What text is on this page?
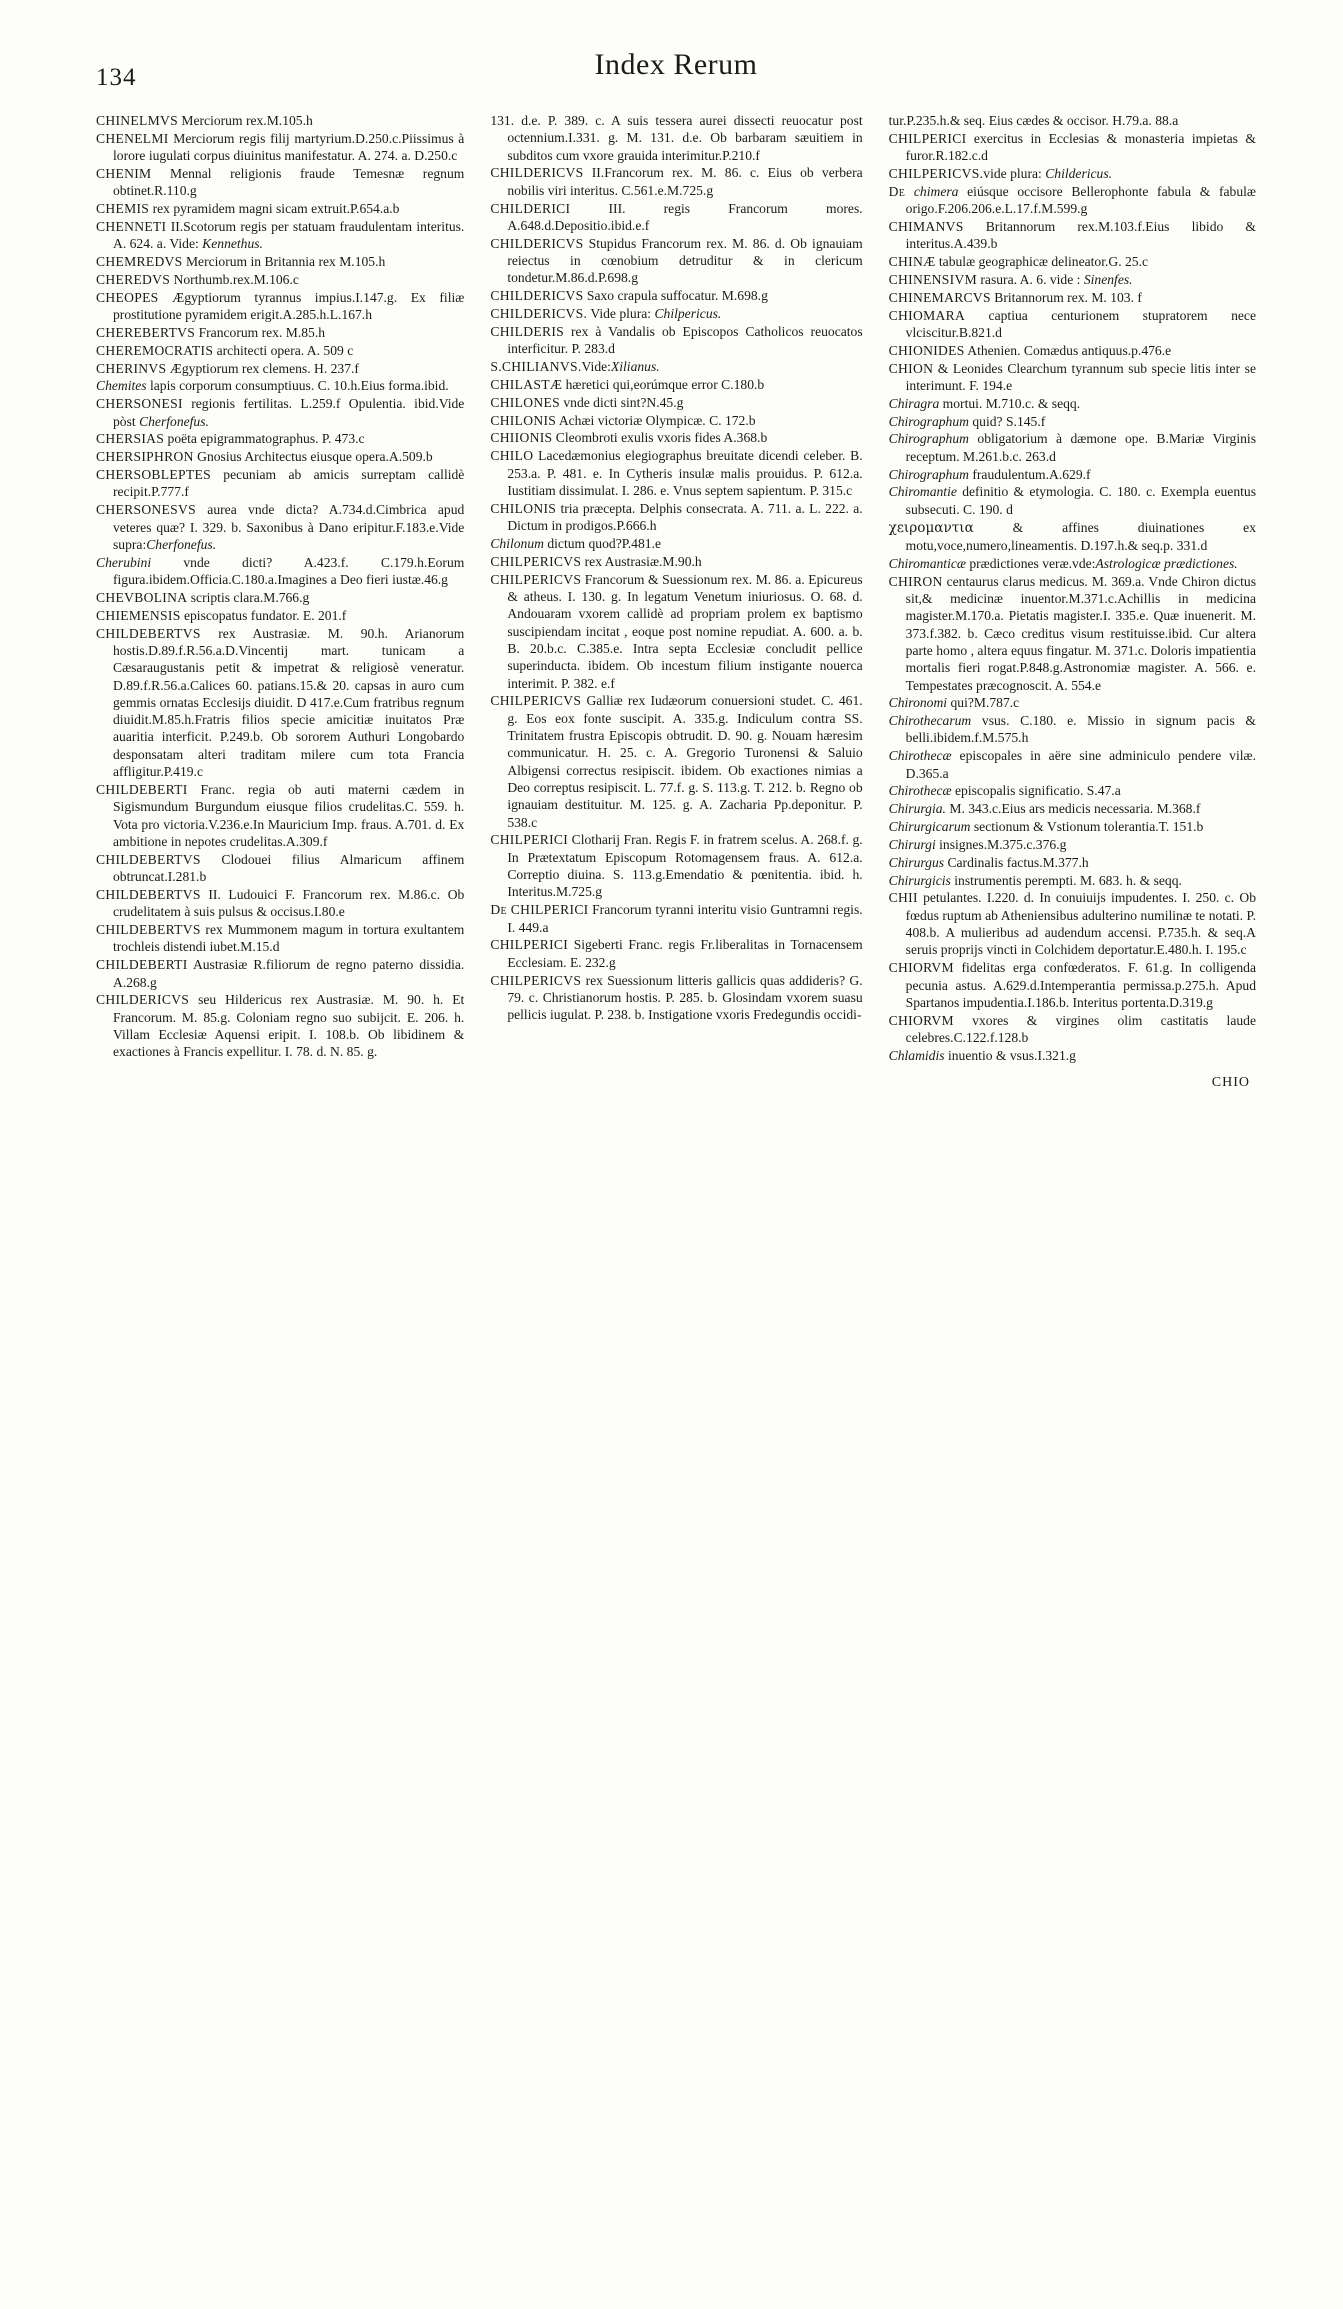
134	Index Rerum

CHINELMVS Merciorum rex.M.105.h

CHENELMI Merciorum regis filij martyrium.D.250.c.Piissimus à lorore iugulati corpus diuinitus manifestatur. A. 274. a. D.250.c

CHENIM Mennal religionis fraude Temesnæ regnum obtinet.R.110.g

CHEMIS rex pyramidem magni sicam extruit.P.654.a.b

CHENNETI II.Scotorum regis per statuam fraudulentam interitus. A. 624. a. Vide: Kennethus.

CHEMREDVS Merciorum in Britannia rex M.105.h

CHEREDVS Northumb.rex.M.106.c

CHEOPES Ægyptiorum tyrannus impius.I.147.g. Ex filiæ prostitutione pyramidem erigit.A.285.h.L.167.h

CHEREBERTVS Francorum rex. M.85.h

CHEREMOCRATIS architecti opera. A. 509 c

CHERINVS Ægyptiorum rex clemens. H. 237.f

Chemites lapis corporum consumptiuus. C. 10.h.Eius forma.ibid.

CHERSONESI regionis fertilitas. L.259.f Opulentia. ibid.Vide pòst Cherfonefus.

CHERSIAS poëta epigrammatographus. P. 473.c

CHERSIPHRON Gnosius Architectus eiusque opera.A.509.b

CHERSOBLEPTES pecuniam ab amicis surreptam callidè recipit.P.777.f

CHERSONESVS aurea vnde dicta? A.734.d.Cimbrica apud veteres quæ? I. 329. b. Saxonibus à Dano eripitur.F.183.e.Vide supra:Cherfonefus.

Cherubini vnde dicti? A.423.f. C.179.h.Eorum figura.ibidem.Officia.C.180.a.Imagines a Deo fieri iustæ.46.g

CHEVBOLINA scriptis clara.M.766.g

CHIEMENSIS episcopatus fundator. E. 201.f

CHILDEBERTVS rex Austrasiæ. M. 90.h. Arianorum hostis.D.89.f.R.56.a.D.Vincentij mart. tunicam a Cæsaraugustanis petit & impetrat & religiosè veneratur. D.89.f.R.56.a.Calices 60. patians.15.& 20. capsas in auro cum gemmis ornatas Ecclesijs diuidit. D 417.e.Cum fratribus regnum diuidit.M.85.h.Fratris filios specie amicitiæ inuitatos Præ auaritia interficit. P.249.b. Ob sororem Authuri Longobardo desponsatam alteri traditam milere cum tota Francia affligitur.P.419.c

CHILDEBERTI Franc. regia ob auti materni cædem in Sigismundum Burgundum eiusque filios crudelitas.C. 559. h. Vota pro victoria.V.236.e.In Mauricium Imp. fraus. A.701. d. Ex ambitione in nepotes crudelitas.A.309.f

CHILDEBERTVS Clodouei filius Almaricum affinem obtruncat.I.281.b

CHILDEBERTVS II. Ludouici F. Francorum rex. M.86.c. Ob crudelitatem à suis pulsus & occisus.I.80.e

CHILDEBERTVS rex Mummonem magum in tortura exultantem trochleis distendi iubet.M.15.d

CHILDEBERTI Austrasiæ R.filiorum de regno paterno dissidia. A.268.g

CHILDERICVS seu Hildericus rex Austrasiæ. M. 90. h. Et Francorum. M. 85.g. Coloniam regno suo subijcit. E. 206. h. Villam Ecclesiæ Aquensi eripit. I. 108.b. Ob libidinem & exactiones à Francis expellitur. I. 78. d. N. 85. g.

131. d.e. P. 389. c. A suis tessera aurei dissecti reuocatur post octennium.I.331. g. M. 131. d.e. Ob barbaram sæuitiem in subditos cum vxore grauida interimitur.P.210.f

CHILDERICVS II.Francorum rex. M. 86. c. Eius ob verbera nobilis viri interitus. C.561.e.M.725.g

CHILDERICI III. regis Francorum mores. A.648.d.Depositio.ibid.e.f

CHILDERICVS Stupidus Francorum rex. M. 86. d. Ob ignauiam reiectus in cœnobium detruditur & in clericum tondetur.M.86.d.P.698.g

CHILDERICVS Saxo crapula suffocatur. M.698.g

CHILDERICVS. Vide plura: Chilpericus.

CHILDERIS rex à Vandalis ob Episcopos Catholicos reuocatos interficitur. P. 283.d

S.CHILIANVS.Vide:Xilianus.

CHILASTÆ hæretici qui,eorúmque error C.180.b

CHILONES vnde dicti sint?N.45.g

CHILONIS Achæi victoriæ Olympicæ. C. 172.b

CHIIONIS Cleombroti exulis vxoris fides A.368.b

CHILO Lacedæmonius elegiographus breuitate dicendi celeber. B. 253.a. P. 481. e. In Cytheris insulæ malis prouidus. P. 612.a. Iustitiam dissimulat. I. 286. e. Vnus septem sapientum. P. 315.c

CHILONIS tria præcepta. Delphis consecrata. A. 711. a. L. 222. a. Dictum in prodigos.P.666.h

Chilonum dictum quod?P.481.e

CHILPERICVS rex Austrasiæ.M.90.h

CHILPERICVS Francorum & Suessionum rex. M. 86. a. Epicureus & atheus. I. 130. g. In legatum Venetum iniuriosus. O. 68. d. Andouaram vxorem callidè ad propriam prolem ex baptismo suscipiendam incitat , eoque post nomine repudiat. A. 600. a. b. B. 20.b.c. C.385.e. Intra septa Ecclesiæ concludit pellice superinducta. ibidem. Ob incestum filium instigante nouerca interimit. P. 382. e.f

CHILPERICVS Galliæ rex Iudæorum conuersioni studet. C. 461. g. Eos eox fonte suscipit. A. 335.g. Indiculum contra SS. Trinitatem frustra Episcopis obtrudit. D. 90. g. Nouam hæresim communicatur. H. 25. c. A. Gregorio Turonensi & Saluio Albigensi correctus resipiscit. ibidem. Ob exactiones nimias a Deo correptus resipiscit. L. 77.f. g. S. 113.g. T. 212. b. Regno ob ignauiam destituitur. M. 125. g. A. Zacharia Pp.deponitur. P. 538.c

CHILPERICI Clotharij Fran. Regis F. in fratrem scelus. A. 268.f. g. In Prætextatum Episcopum Rotomagensem fraus. A. 612.a. Correptio diuina. S. 113.g.Emendatio & pœnitentia. ibid. h. Interitus.M.725.g

De CHILPERICI Francorum tyranni interitu visio Guntramni regis. I. 449.a

CHILPERICI Sigeberti Franc. regis Fr.liberalitas in Tornacensem Ecclesiam. E. 232.g

CHILPERICVS rex Suessionum litteris gallicis quas addideris? G. 79. c. Christianorum hostis. P. 285. b. Glosindam vxorem suasu pellicis iugulat. P. 238. b. Instigatione vxoris Fredegundis occidi-

tur.P.235.h.& seq. Eius cædes & occisor. H.79.a. 88.a

CHILPERICI exercitus in Ecclesias & monasteria impietas & furor.R.182.c.d

CHILPERICVS.vide plura: Childericus.

De chimera eiúsque occisore Bellerophonte fabula & fabulæ origo.F.206.206.e.L.17.f.M.599.g

CHIMANVS Britannorum rex.M.103.f.Eius libido & interitus.A.439.b

CHINÆ tabulæ geographicæ delineator.G. 25.c

CHINENSIVM rasura. A. 6. vide : Sinenfes.

CHINEMARCVS Britannorum rex. M. 103. f

CHIOMARA captiua centurionem stupratorem nece vlciscitur.B.821.d

CHIONIDES Athenien. Comædus antiquus.p.476.e

CHION & Leonides Clearchum tyrannum sub specie litis inter se interimunt. F. 194.e

Chiragra mortui. M.710.c. & seqq.

Chirographum quid? S.145.f

Chirographum obligatorium à dæmone ope. B.Mariæ Virginis receptum. M.261.b.c. 263.d

Chirographum fraudulentum.A.629.f

Chiromantie definitio & etymologia. C. 180. c. Exempla euentus subsecuti. C. 190. d

χειρομαντια & affines diuinationes ex motu,voce,numero,lineamentis. D.197.h.& seq.p. 331.d

Chiromanticæ prædictiones veræ.vde:Astrologicæ prædictiones.

CHIRON centaurus clarus medicus. M. 369.a. Vnde Chiron dictus sit,& medicinæ inuentor.M.371.c.Achillis in medicina magister.M.170.a. Pietatis magister.I. 335.e. Quæ inuenerit. M. 373.f.382. b. Cæco creditus visum restituisse.ibid. Cur altera parte homo , altera equus fingatur. M. 371.c. Doloris impatientia mortalis fieri rogat.P.848.g.Astronomiæ magister. A. 566. e. Tempestates præcognoscit. A. 554.e

Chironomi qui?M.787.c

Chirothecarum vsus. C.180. e. Missio in signum pacis & belli.ibidem.f.M.575.h

Chirothecæ episcopales in aëre sine adminiculo pendere vilæ. D.365.a

Chirothecæ episcopalis significatio. S.47.a

Chirurgia. M. 343.c.Eius ars medicis necessaria. M.368.f

Chirurgicarum sectionum & Vstionum tolerantia.T. 151.b

Chirurgi insignes.M.375.c.376.g

Chirurgus Cardinalis factus.M.377.h

Chirurgicis instrumentis perempti. M. 683. h. & seqq.

CHII petulantes. I.220. d. In conuiuijs impudentes. I. 250. c. Ob fœdus ruptum ab Atheniensibus adulterino numilinæ te notati. P. 408.b. A mulieribus ad audendum accensi. P.735.h. & seq.A seruis proprijs vincti in Colchidem deportatur.E.480.h. I. 195.c

CHIORVM fidelitas erga confœderatos. F. 61.g. In colligenda pecunia astus. A.629.d.Intemperantia permissa.p.275.h. Apud Spartanos impudentia.I.186.b. Interitus portenta.D.319.g

CHIORVM vxores & virgines olim castitatis laude celebres.C.122.f.128.b

Chlamidis inuentio & vsus.I.321.g

CHIO
